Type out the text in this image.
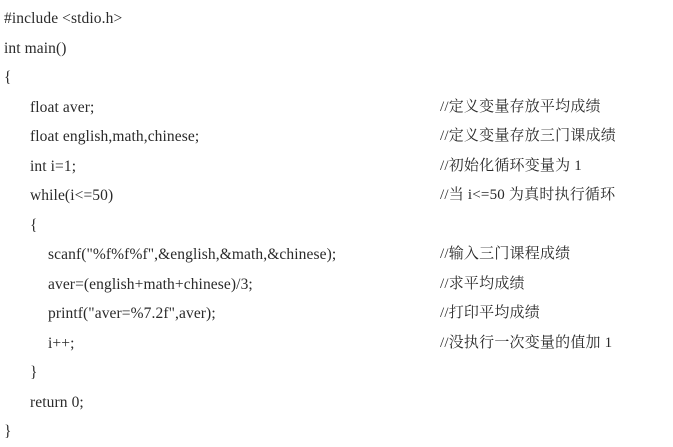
#include <stdio.h>
int main()
{
float aver;	//定义变量存放平均成绩
float english,math,chinese;	//定义变量存放三门课成绩
int i=1;	//初始化循环变量为 1
while(i<=50)	//当 i<=50 为真时执行循环
{
scanf("%f%f%f",&english,&math,&chinese);	//输入三门课程成绩
aver=(english+math+chinese)/3;	//求平均成绩
printf("aver=%7.2f",aver);	//打印平均成绩
i++;	//没执行一次变量的值加 1
}
return 0;
}
